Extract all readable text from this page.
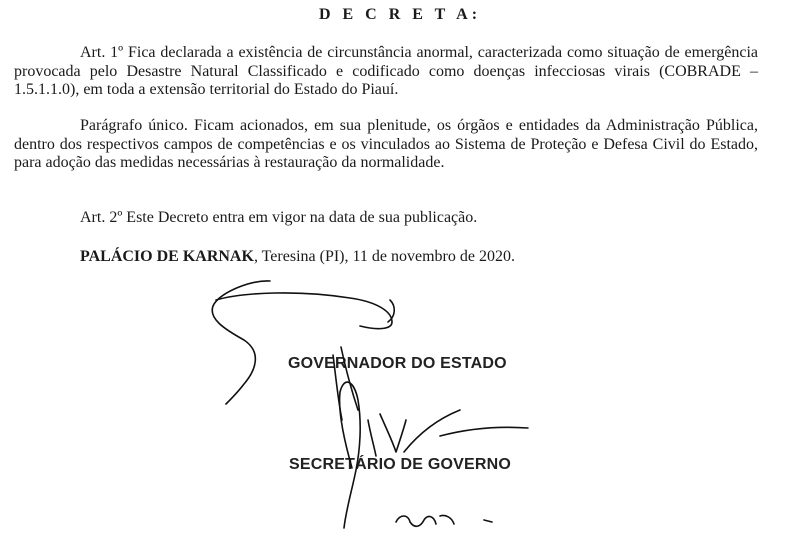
D E C R E T A:

Art. 1º Fica declarada a existência de circunstância anormal, caracterizada como situação de emergência provocada pelo Desastre Natural Classificado e codificado como doenças infecciosas virais (COBRADE – 1.5.1.1.0), em toda a extensão territorial do Estado do Piauí.

Parágrafo único. Ficam acionados, em sua plenitude, os órgãos e entidades da Administração Pública, dentro dos respectivos campos de competências e os vinculados ao Sistema de Proteção e Defesa Civil do Estado, para adoção das medidas necessárias à restauração da normalidade.

Art. 2º Este Decreto entra em vigor na data de sua publicação.

PALÁCIO DE KARNAK, Teresina (PI), 11 de novembro de 2020.

GOVERNADOR DO ESTADO
SECRETÁRIO DE GOVERNO
